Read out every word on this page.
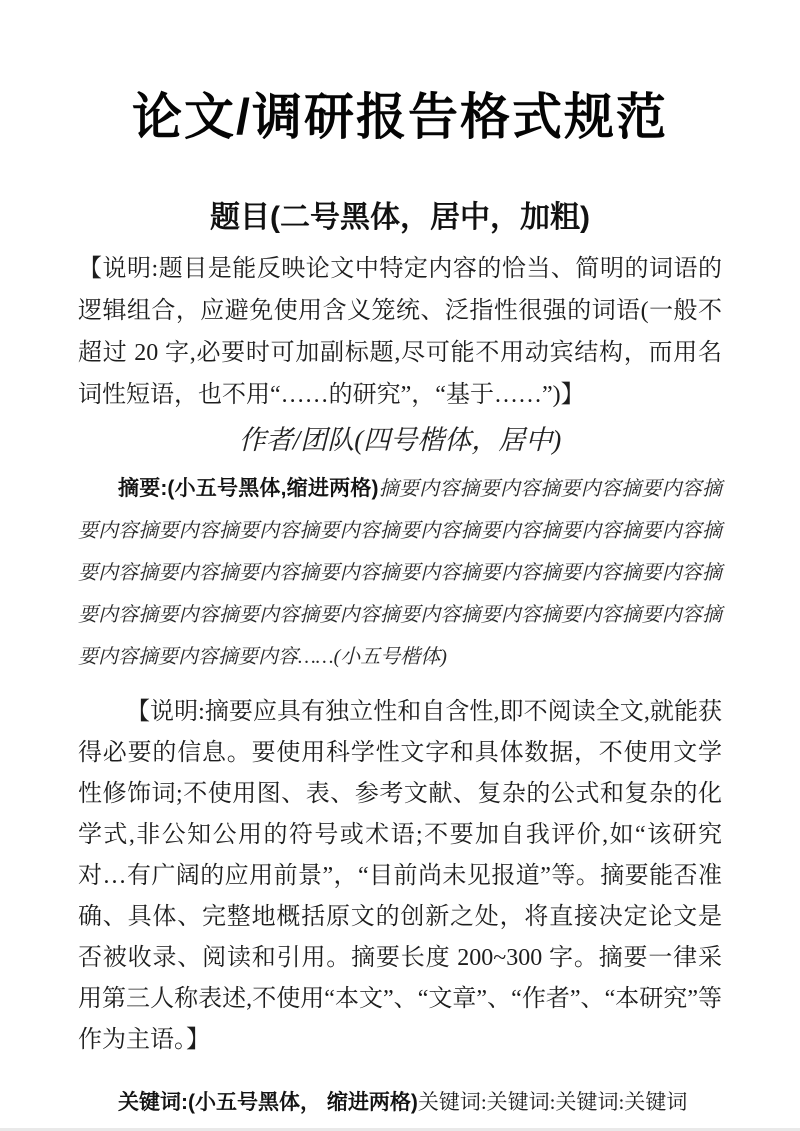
论文/调研报告格式规范
题目(二号黑体，居中，加粗)

【说明:题目是能反映论文中特定内容的恰当、简明的词语的逻辑组合，应避免使用含义笼统、泛指性很强的词语(一般不超过 20 字,必要时可加副标题,尽可能不用动宾结构，而用名词性短语，也不用“……的研究”，“基于……”)】

作者/团队(四号楷体，居中)

摘要:(小五号黑体,缩进两格)摘要内容摘要内容摘要内容摘要内容摘要内容摘要内容摘要内容摘要内容摘要内容摘要内容摘要内容摘要内容摘要内容摘要内容摘要内容摘要内容摘要内容摘要内容摘要内容摘要内容摘要内容摘要内容摘要内容摘要内容摘要内容摘要内容摘要内容摘要内容摘要内容摘要内容摘要内容……(小五号楷体)

【说明:摘要应具有独立性和自含性,即不阅读全文,就能获得必要的信息。要使用科学性文字和具体数据，不使用文学性修饰词;不使用图、表、参考文献、复杂的公式和复杂的化学式,非公知公用的符号或术语;不要加自我评价,如“该研究对…有广阔的应用前景”，“目前尚未见报道”等。摘要能否准确、具体、完整地概括原文的创新之处，将直接决定论文是否被收录、阅读和引用。摘要长度 200~300 字。摘要一律采用第三人称表述,不使用“本文”、“文章”、“作者”、“本研究”等作为主语。】

关键词:(小五号黑体， 缩进两格)关键词:关键词:关键词:关键词
